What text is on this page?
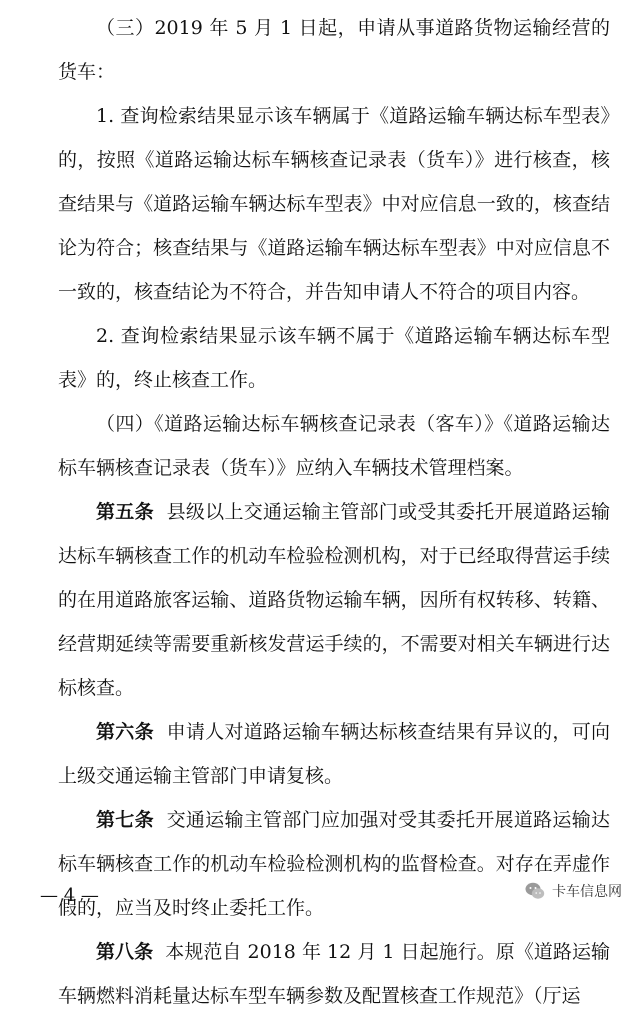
（三）2019 年 5 月 1 日起，申请从事道路货物运输经营的货车：

1. 查询检索结果显示该车辆属于《道路运输车辆达标车型表》的，按照《道路运输达标车辆核查记录表（货车）》进行核查，核查结果与《道路运输车辆达标车型表》中对应信息一致的，核查结论为符合；核查结果与《道路运输车辆达标车型表》中对应信息不一致的，核查结论为不符合，并告知申请人不符合的项目内容。

2. 查询检索结果显示该车辆不属于《道路运输车辆达标车型表》的，终止核查工作。

（四）《道路运输达标车辆核查记录表（客车）》《道路运输达标车辆核查记录表（货车）》应纳入车辆技术管理档案。

第五条 县级以上交通运输主管部门或受其委托开展道路运输达标车辆核查工作的机动车检验检测机构，对于已经取得营运手续的在用道路旅客运输、道路货物运输车辆，因所有权转移、转籍、经营期延续等需要重新核发营运手续的，不需要对相关车辆进行达标核查。

第六条 申请人对道路运输车辆达标核查结果有异议的，可向上级交通运输主管部门申请复核。

第七条 交通运输主管部门应加强对受其委托开展道路运输达标车辆核查工作的机动车检验检测机构的监督检查。对存在弄虚作假的，应当及时终止委托工作。

第八条 本规范自 2018 年 12 月 1 日起施行。原《道路运输车辆燃料消耗量达标车型车辆参数及配置核查工作规范》（厅运

— 4 —	卡车信息网
